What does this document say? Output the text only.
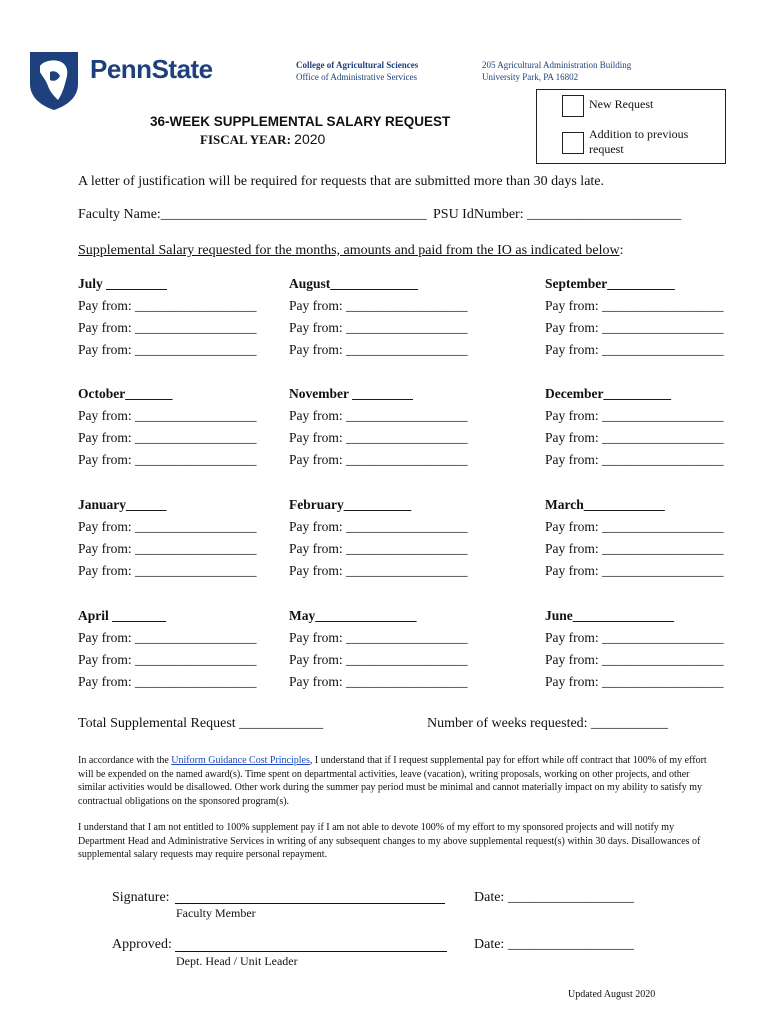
PennState	College of Agricultural Sciences
Office of Administrative Services
205 Agricultural Administration Building
University Park, PA 16802
36-WEEK SUPPLEMENTAL SALARY REQUEST
FISCAL YEAR: 2020
New Request
Addition to previous
request
A letter of justification will be required for requests that are submitted more than 30 days late.
Faculty Name:______________________________________ PSU IdNumber: ______________________
Supplemental Salary requested for the months, amounts and paid from the IO as indicated below:
July _________
Pay from: __________________
Pay from: __________________
Pay from: __________________
August_____________
Pay from: __________________
Pay from: __________________
Pay from: __________________
September__________
Pay from: __________________
Pay from: __________________
Pay from: __________________
October_______
Pay from: __________________
Pay from: __________________
Pay from: __________________
November _________
Pay from: __________________
Pay from: __________________
Pay from: __________________
December__________
Pay from: __________________
Pay from: __________________
Pay from: __________________
January______
Pay from: __________________
Pay from: __________________
Pay from: __________________
February__________
Pay from: __________________
Pay from: __________________
Pay from: __________________
March____________
Pay from: __________________
Pay from: __________________
Pay from: __________________
April ________
Pay from: __________________
Pay from: __________________
Pay from: __________________
May_______________
Pay from: __________________
Pay from: __________________
Pay from: __________________
June_______________
Pay from: __________________
Pay from: __________________
Pay from: __________________
Total Supplemental Request ____________	Number of weeks requested: ___________
In accordance with the Uniform Guidance Cost Principles, I understand that if I request supplemental pay for effort while off contract that 100% of my effort will be expended on the named award(s). Time spent on departmental activities, leave (vacation), writing proposals, working on other projects, and other similar activities would be disallowed. Other work during the summer pay period must be minimal and cannot materially impact on my ability to satisfy my contractual obligations on the sponsored program(s).
I understand that I am not entitled to 100% supplement pay if I am not able to devote 100% of my effort to my sponsored projects and will notify my Department Head and Administrative Services in writing of any subsequent changes to my above supplemental request(s) within 30 days. Disallowances of supplemental salary requests may require personal repayment.
Signature:
Faculty Member
Date: __________________
Approved:
Dept. Head / Unit Leader
Date: __________________
Updated August 2020
